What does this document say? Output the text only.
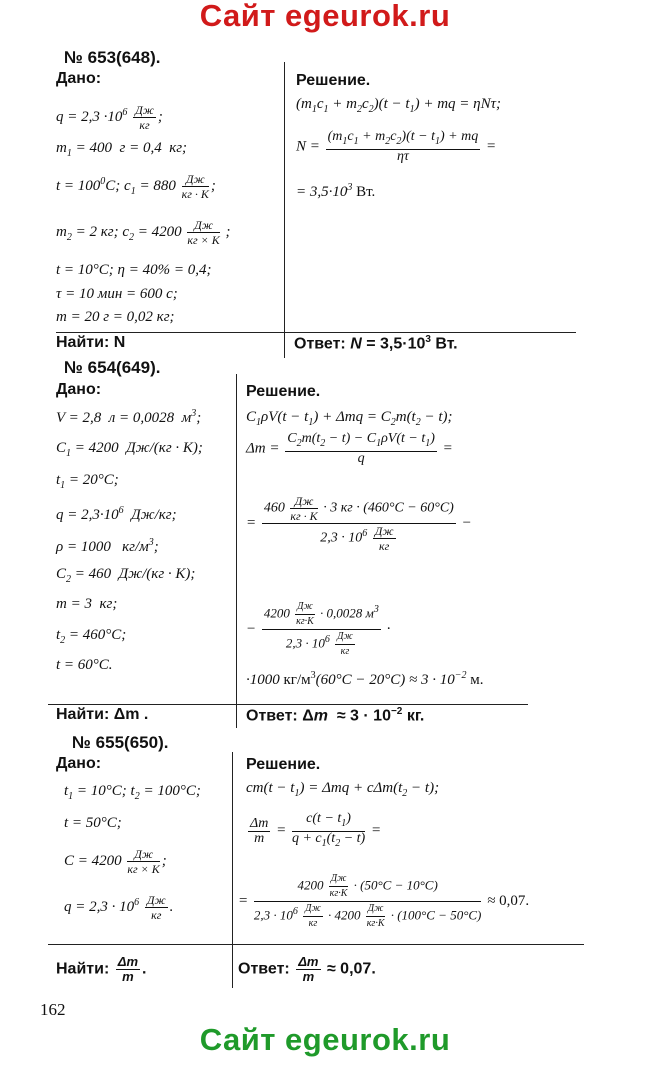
Сайт egeurok.ru
№ 653(648).
Дано:
$q = 2,3 \cdot 10^6 \frac{Дж}{кг}$ ;
$m_1 = 400$  г = 0,4  кг;
$t = 100^0C$; $c_1 = 880 \frac{Дж}{кг \cdot K}$ ;
$m_2 = 2$ кг; $c_2 = 4200 \frac{Дж}{кг \times K}$ ;
t = 10°C; η = 40% = 0,4;
τ = 10 мин = 600 с;
m = 20 г = 0,02 кг;
Найти: N
Решение.
$(m_1c_1 + m_2c_2)(t - t_1)$ + mq = ηNτ;
$N = \frac{(m_1c_1 + m_2c_2)(t - t_1) + mq}{\eta\tau}$ =
= $3,5\cdot 10^3$ Вт.
Ответ: $N = 3,5\cdot 10^3$ Вт.
№ 654(649).
Дано:
V = 2,8  л = 0,0028  $м^3$;
$C_1 = 4200$  Дж/(кг · K);
$t_1 = 20^\circ C$;
$q = 2,3\cdot 10^6$  Дж/кг;
ρ = 1000   $кг/м^3$;
$C_2 = 460$  Дж/(кг · K);
m = 3  кг;
$t_2 = 460^\circ C$;
t = 60°C.
Найти: Δm .
Решение.
$C_1\rho V(t - t_1) + \Delta mq = C_2m(t_2 - t)$;
$\Delta m = \frac{C_2m(t_2 - t) - C_1\rho V(t - t_1)}{q}$ =
= $\frac{460 \frac{Дж}{кг \cdot K} \cdot 3 кг \cdot (460^\circ C - 60^\circ C)}{2,3 \cdot 10^6 \frac{Дж}{кг}}$ −
− $\frac{4200 \frac{Дж}{кг\cdot K} \cdot 0,0028 м^3}{2,3 \cdot 10^6 \frac{Дж}{кг}}$ ·
·1000 $кг/м^3(60^\circ C - 20^\circ C) \approx 3 \cdot 10^{-2}$ м.
Ответ: $\Delta m \approx 3 \cdot 10^{-2}$ кг.
№ 655(650).
Дано:
$t_1 = 10^\circ C$; $t_2 = 100^\circ C$;
t = 50°C;
$C = 4200 \frac{Дж}{кг \times K}$ ;
$q = 2,3 \cdot 10^6 \frac{Дж}{кг}$ .
Найти: $\frac{\Delta m}{m}$ .
Решение.
$cm(t - t_1) = \Delta mq + c\Delta m(t_2 - t)$;
$\frac{\Delta m}{m} = \frac{c(t - t_1)}{q + c_1(t_2 - t)}$ =
= $\frac{4200 \frac{Дж}{кг\cdot K} \cdot (50^\circ C - 10^\circ C)}{2,3 \cdot 10^6 \frac{Дж}{кг} \cdot 4200 \frac{Дж}{кг\cdot K} \cdot (100^\circ C - 50^\circ C)} \approx 0,07$.
Ответ: $\frac{\Delta m}{m} \approx 0,07$.
162
Сайт egeurok.ru
